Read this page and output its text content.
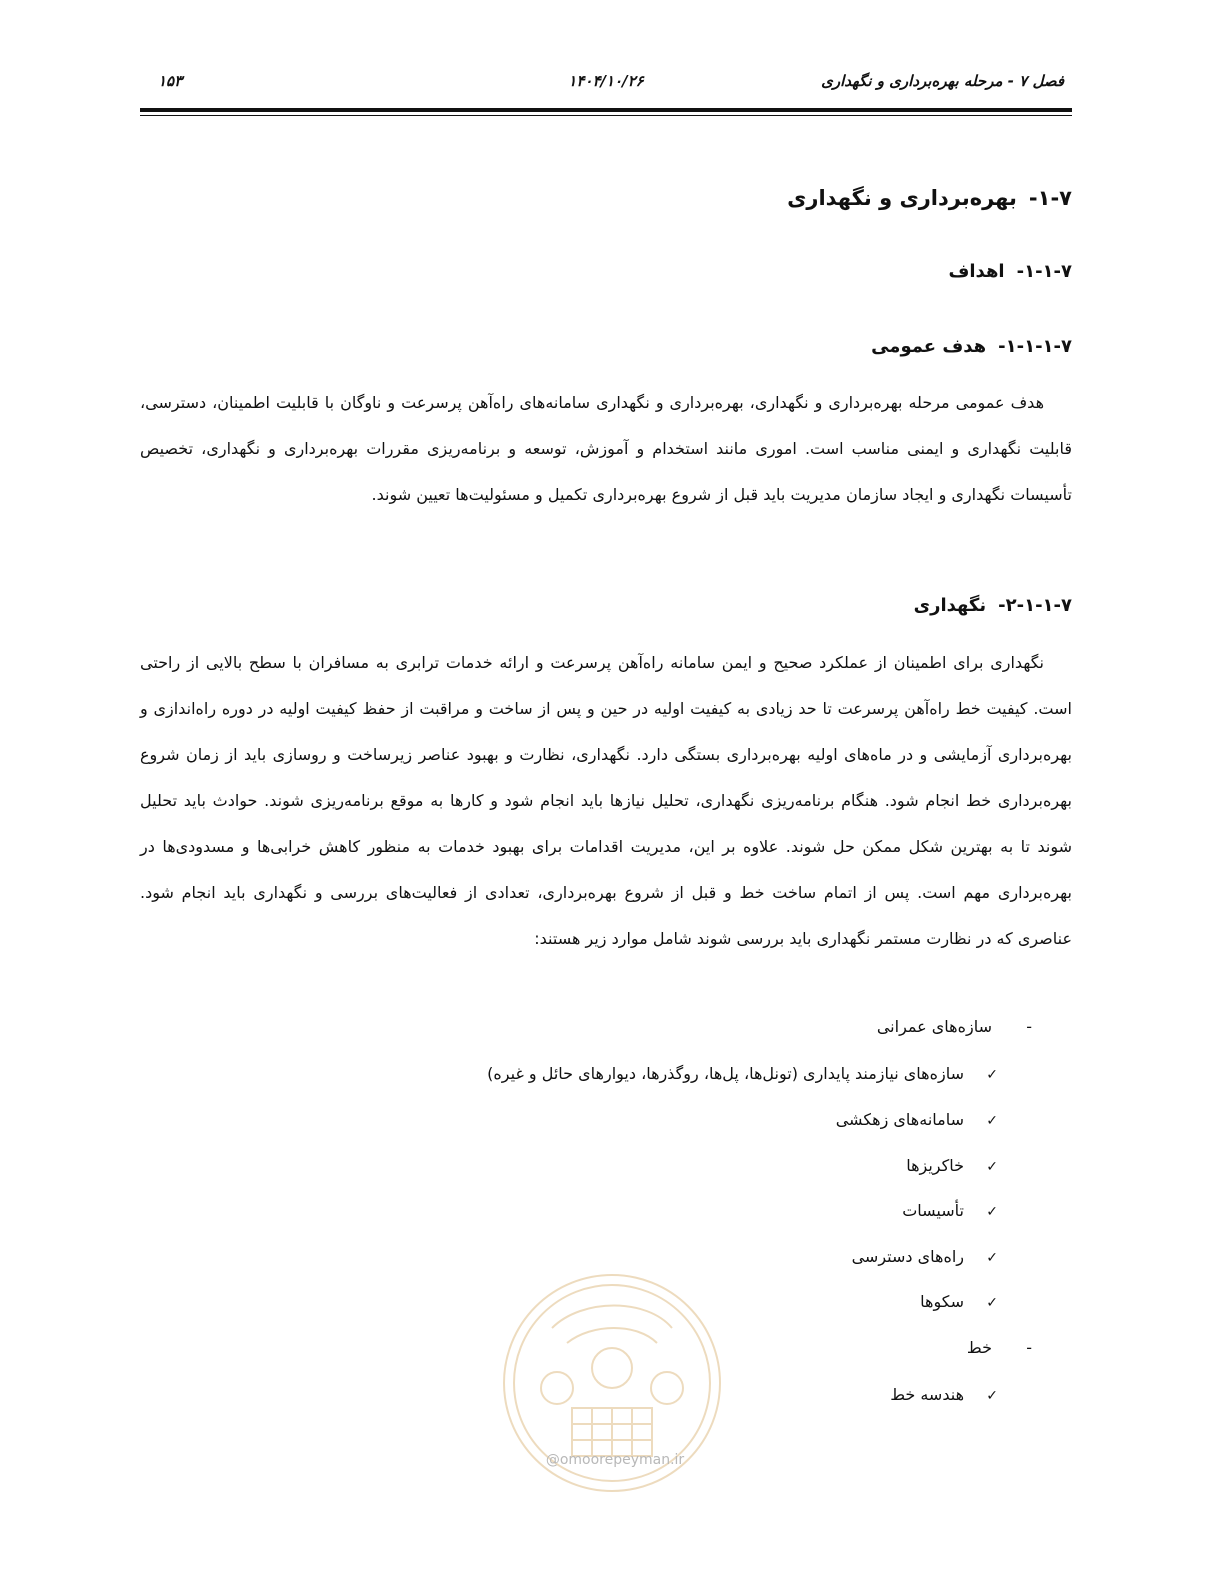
فصل ۷ - مرحله بهره‌برداری و نگهداری
۱۴۰۴/۱۰/۲۶
۱۵۳
۱-۷-بهره‌برداری و نگهداری
۱-۱-۷-اهداف
۱-۱-۱-۷-هدف عمومی
هدف عمومی مرحله بهره‌برداری و نگهداری، بهره‌برداری و نگهداری سامانه‌های راه‌آهن پرسرعت و ناوگان با قابلیت اطمینان، دسترسی، قابلیت نگهداری و ایمنی مناسب است. اموری مانند استخدام و آموزش، توسعه و برنامه‌ریزی مقررات بهره‌برداری و نگهداری، تخصیص تأسیسات نگهداری و ایجاد سازمان مدیریت باید قبل از شروع بهره‌برداری تکمیل و مسئولیت‌ها تعیین شوند.
۲-۱-۱-۷-نگهداری
نگهداری برای اطمینان از عملکرد صحیح و ایمن سامانه راه‌آهن پرسرعت و ارائه خدمات ترابری به مسافران با سطح بالایی از راحتی است. کیفیت خط راه‌آهن پرسرعت تا حد زیادی به کیفیت اولیه در حین و پس از ساخت و مراقبت از حفظ کیفیت اولیه در دوره راه‌اندازی و بهره‌برداری آزمایشی و در ماه‌های اولیه بهره‌برداری بستگی دارد. نگهداری، نظارت و بهبود عناصر زیرساخت و روسازی باید از زمان شروع بهره‌برداری خط انجام شود. هنگام برنامه‌ریزی نگهداری، تحلیل نیازها باید انجام شود و کارها به موقع برنامه‌ریزی شوند. حوادث باید تحلیل شوند تا به بهترین شکل ممکن حل شوند. علاوه بر این، مدیریت اقدامات برای بهبود خدمات به منظور کاهش خرابی‌ها و مسدودی‌ها در بهره‌برداری مهم است. پس از اتمام ساخت خط و قبل از شروع بهره‌برداری، تعدادی از فعالیت‌های بررسی و نگهداری باید انجام شود. عناصری که در نظارت مستمر نگهداری باید بررسی شوند شامل موارد زیر هستند:
-سازه‌های عمرانی
✓سازه‌های نیازمند پایداری (تونل‌ها، پل‌ها، روگذرها، دیوارهای حائل و غیره)
✓سامانه‌های زهکشی
✓خاکریزها
✓تأسیسات
✓راه‌های دسترسی
✓سکوها
-خط
✓هندسه خط
@omoorepeyman.ir
